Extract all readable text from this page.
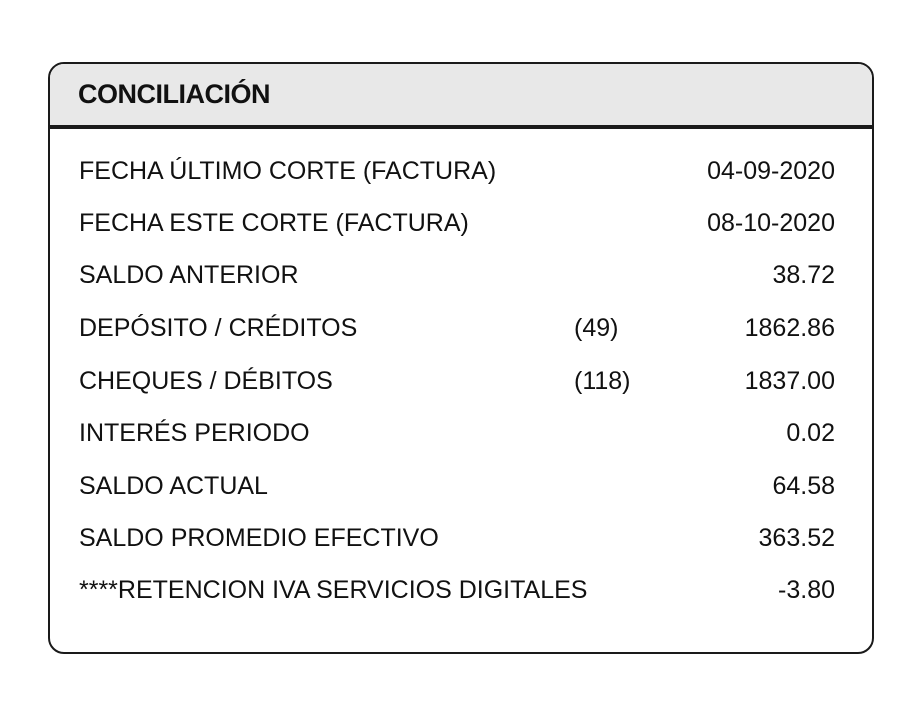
CONCILIACIÓN
FECHA ÚLTIMO CORTE (FACTURA)	04-09-2020
FECHA ESTE CORTE (FACTURA)	08-10-2020
SALDO ANTERIOR	38.72
DEPÓSITO / CRÉDITOS	(49)	1862.86
CHEQUES / DÉBITOS	(118)	1837.00
INTERÉS PERIODO	0.02
SALDO ACTUAL	64.58
SALDO PROMEDIO EFECTIVO	363.52
****RETENCION IVA SERVICIOS DIGITALES	-3.80
